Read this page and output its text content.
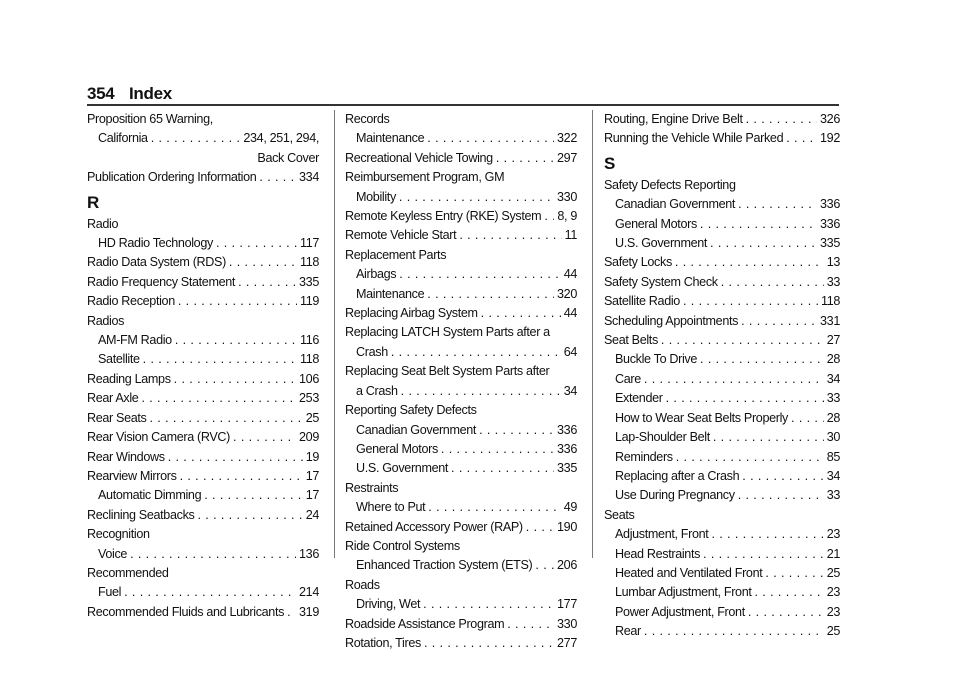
354 Index
Proposition 65 Warning,
California . . .	234, 251, 294,
Back Cover
Publication Ordering Information . . .	334
R
Radio
HD Radio Technology . . .	117
Radio Data System (RDS) . . .	118
Radio Frequency Statement . . .	335
Radio Reception . . .	119
Radios
AM-FM Radio . . .	116
Satellite . . .	118
Reading Lamps . . .	106
Rear Axle . . .	253
Rear Seats . . .	25
Rear Vision Camera (RVC) . . .	209
Rear Windows . . .	19
Rearview Mirrors . . .	17
Automatic Dimming . . .	17
Reclining Seatbacks . . .	24
Recognition
Voice . . .	136
Recommended
Fuel . . .	214
Recommended Fluids and Lubricants . . . 319
Records
Maintenance . . .	322
Recreational Vehicle Towing . . .	297
Reimbursement Program, GM
Mobility . . .	330
Remote Keyless Entry (RKE) System . . . 8, 9
Remote Vehicle Start . . .	11
Replacement Parts
Airbags . . .	44
Maintenance . . .	320
Replacing Airbag System . . .	44
Replacing LATCH System Parts after a
Crash . . .	64
Replacing Seat Belt System Parts after
a Crash . . .	34
Reporting Safety Defects
Canadian Government . . .	336
General Motors . . .	336
U.S. Government . . .	335
Restraints
Where to Put . . .	49
Retained Accessory Power (RAP) . . .	190
Ride Control Systems
Enhanced Traction System (ETS) . . . 206
Roads
Driving, Wet . . .	177
Roadside Assistance Program . . .	330
Rotation, Tires . . .	277
Routing, Engine Drive Belt . . .	326
Running the Vehicle While Parked . . .	192
S
Safety Defects Reporting
Canadian Government . . .	336
General Motors . . .	336
U.S. Government . . .	335
Safety Locks . . .	13
Safety System Check . . .	33
Satellite Radio . . .	118
Scheduling Appointments . . .	331
Seat Belts . . .	27
Buckle To Drive . . .	28
Care . . .	34
Extender . . .	33
How to Wear Seat Belts Properly . . .	28
Lap-Shoulder Belt . . .	30
Reminders . . .	85
Replacing after a Crash . . .	34
Use During Pregnancy . . .	33
Seats
Adjustment, Front . . .	23
Head Restraints . . .	21
Heated and Ventilated Front . . .	25
Lumbar Adjustment, Front . . .	23
Power Adjustment, Front . . .	23
Rear . . .	25
